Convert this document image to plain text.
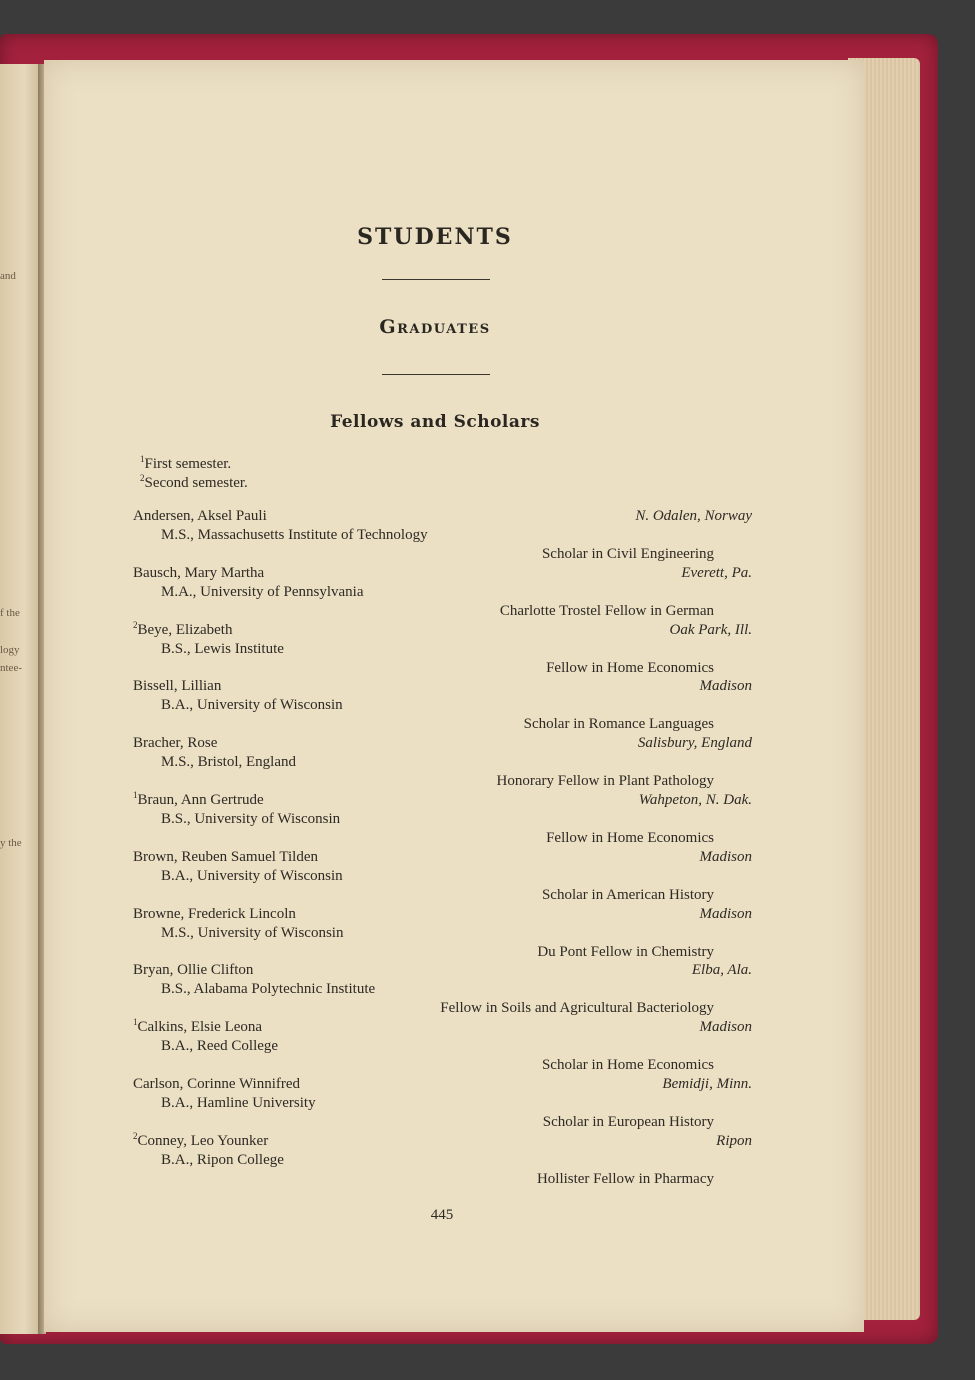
and
f the
logy
ntee-
y the
STUDENTS
Graduates
Fellows and Scholars
$^1$First semester.
$^2$Second semester.
Andersen, Aksel Pauli	N. Odalen, Norway
M.S., Massachusetts Institute of Technology
Scholar in Civil Engineering
Bausch, Mary Martha	Everett, Pa.
M.A., University of Pennsylvania
Charlotte Trostel Fellow in German
$^2$Beye, Elizabeth	Oak Park, Ill.
B.S., Lewis Institute
Fellow in Home Economics
Bissell, Lillian	Madison
B.A., University of Wisconsin
Scholar in Romance Languages
Bracher, Rose	Salisbury, England
M.S., Bristol, England
Honorary Fellow in Plant Pathology
$^1$Braun, Ann Gertrude	Wahpeton, N. Dak.
B.S., University of Wisconsin
Fellow in Home Economics
Brown, Reuben Samuel Tilden	Madison
B.A., University of Wisconsin
Scholar in American History
Browne, Frederick Lincoln	Madison
M.S., University of Wisconsin
Du Pont Fellow in Chemistry
Bryan, Ollie Clifton	Elba, Ala.
B.S., Alabama Polytechnic Institute
Fellow in Soils and Agricultural Bacteriology
$^1$Calkins, Elsie Leona	Madison
B.A., Reed College
Scholar in Home Economics
Carlson, Corinne Winnifred	Bemidji, Minn.
B.A., Hamline University
Scholar in European History
$^2$Conney, Leo Younker	Ripon
B.A., Ripon College
Hollister Fellow in Pharmacy
445
